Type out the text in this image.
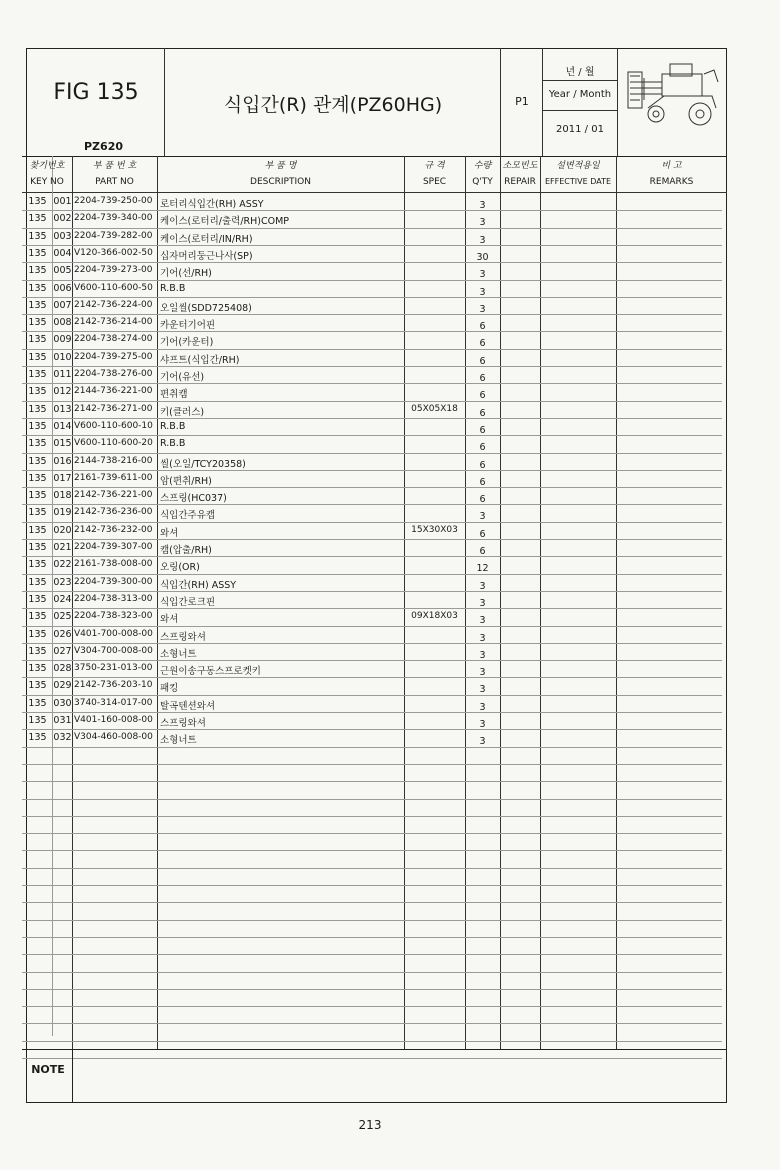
FIG 135
PZ620
식입간(R) 관계(PZ60HG)	P1
년 / 월
Year / Month
2011 / 01
찾기번호
KEY NO
부 품 번 호
PART NO
부 품 명
DESCRIPTION
규 격
SPEC
수량
Q'TY
소모빈도
REPAIR
설변적용일
EFFECTIVE DATE
비 고
REMARKS
135 001 2204-739-250-00 로터리식입간(RH) ASSY	3
135 002 2204-739-340-00 케이스(로터리/출력/RH)COMP	3
135 003 2204-739-282-00 케이스(로터리/IN/RH)	3
135 004 V120-366-002-50 십자머리둥근나사(SP)	30
135 005 2204-739-273-00 기어(선/RH)	3
135 006 V600-110-600-50 R.B.B	3
135 007 2142-736-224-00 오일씰(SDD725408)	3
135 008 2142-736-214-00 카운터기어핀	6
135 009 2204-738-274-00 기어(카운터)	6
135 010 2204-739-275-00 샤프트(식입간/RH)	6
135 011 2204-738-276-00 기어(유선)	6
135 012 2144-736-221-00 편취캠	6
135 013 2142-736-271-00 키(클러스)	05X05X18	6
135 014 V600-110-600-10 R.B.B	6
135 015 V600-110-600-20 R.B.B	6
135 016 2144-738-216-00 씰(오일/TCY20358)	6
135 017 2161-739-611-00 암(편취/RH)	6
135 018 2142-736-221-00 스프링(HC037)	6
135 019 2142-736-236-00 식입간주유캡	3
135 020 2142-736-232-00 와셔	15X30X03	6
135 021 2204-739-307-00 캠(압출/RH)	6
135 022 2161-738-008-00 오링(OR)	12
135 023 2204-739-300-00 식입간(RH) ASSY	3
135 024 2204-738-313-00 식입간로크핀	3
135 025 2204-738-323-00 와셔	09X18X03	3
135 026 V401-700-008-00 스프링와셔	3
135 027 V304-700-008-00 소형너트	3
135 028 3750-231-013-00 근원이송구동스프로켓키	3
135 029 2142-736-203-10 패킹	3
135 030 3740-314-017-00 탈곡텐션와셔	3
135 031 V401-160-008-00 스프링와셔	3
135 032 V304-460-008-00 소형너트	3
NOTE
213
